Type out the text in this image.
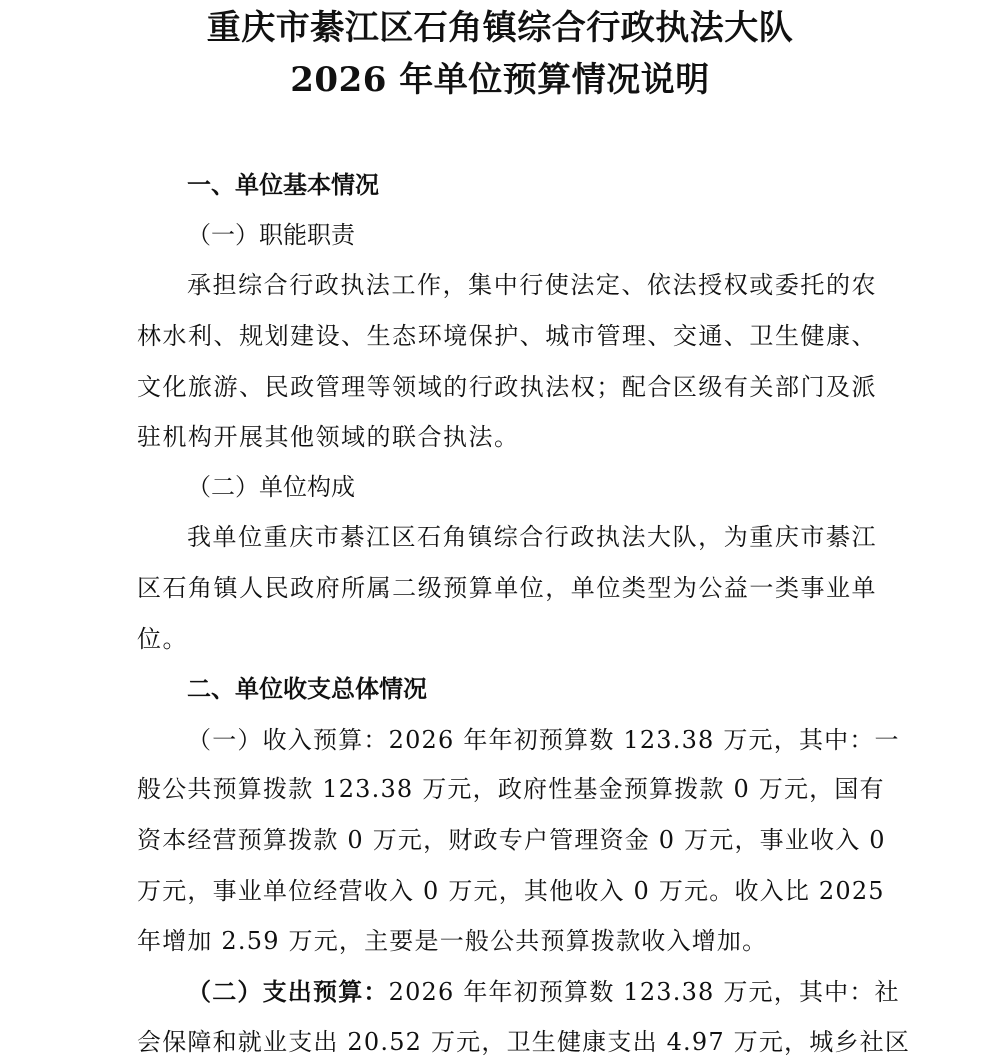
重庆市綦江区石角镇综合行政执法大队
2026 年单位预算情况说明
一、单位基本情况
（一）职能职责
承担综合行政执法工作，集中行使法定、依法授权或委托的农林水利、规划建设、生态环境保护、城市管理、交通、卫生健康、文化旅游、民政管理等领域的行政执法权；配合区级有关部门及派驻机构开展其他领域的联合执法。
（二）单位构成
我单位重庆市綦江区石角镇综合行政执法大队，为重庆市綦江区石角镇人民政府所属二级预算单位，单位类型为公益一类事业单位。
二、单位收支总体情况
（一）收入预算：2026 年年初预算数 123.38 万元，其中：一
般公共预算拨款 123.38 万元，政府性基金预算拨款 0 万元，国有
资本经营预算拨款 0 万元，财政专户管理资金 0 万元，事业收入 0
万元，事业单位经营收入 0 万元，其他收入 0 万元。收入比 2025
年增加 2.59 万元，主要是一般公共预算拨款收入增加。
（二）支出预算：2026 年年初预算数 123.38 万元，其中：社
会保障和就业支出 20.52 万元，卫生健康支出 4.97 万元，城乡社区
